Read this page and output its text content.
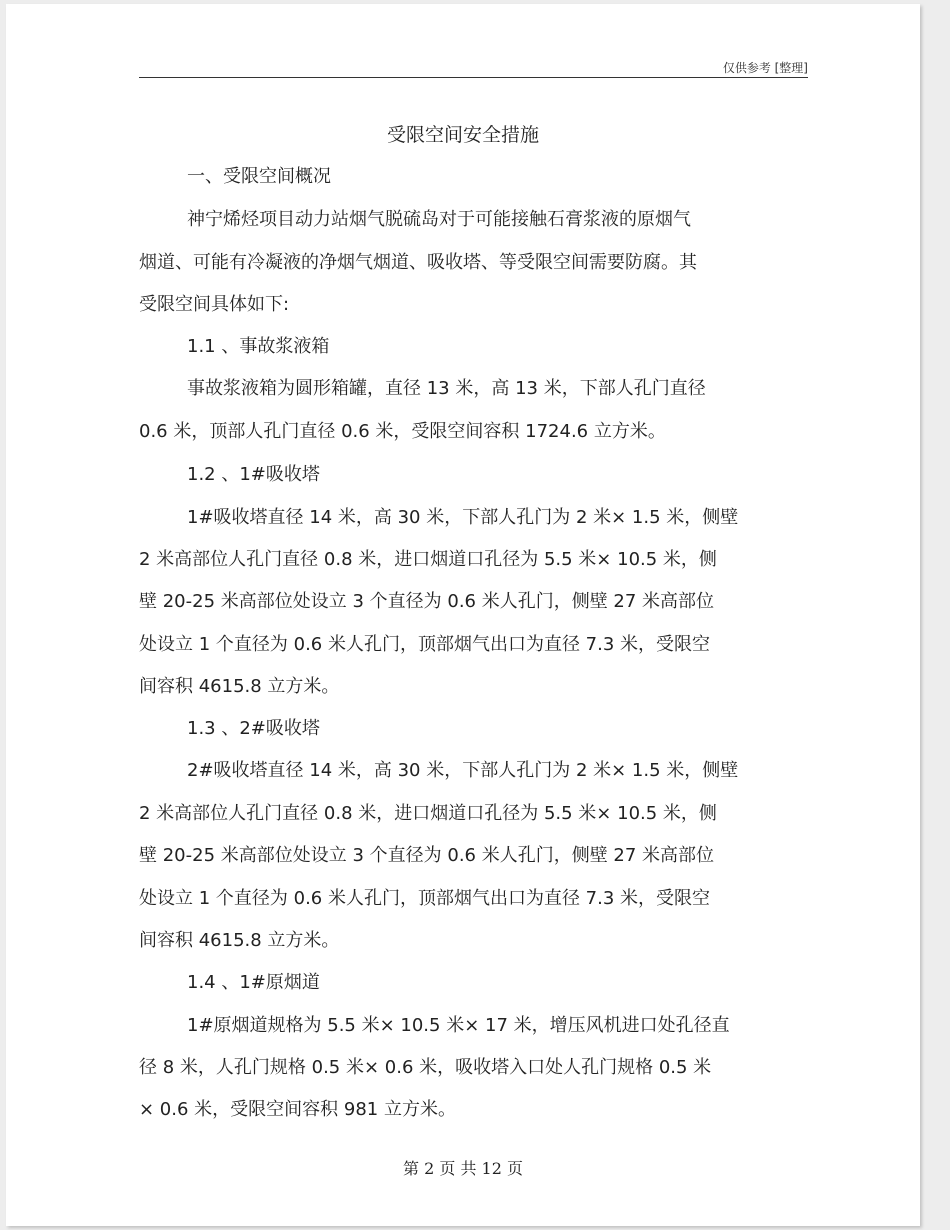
仅供参考 [整理]
受限空间安全措施
一、受限空间概况
神宁烯烃项目动力站烟气脱硫岛对于可能接触石膏浆液的原烟气
烟道、可能有冷凝液的净烟气烟道、吸收塔、等受限空间需要防腐。其
受限空间具体如下:
1.1 、事故浆液箱
事故浆液箱为圆形箱罐，直径 13 米，高 13 米，下部人孔门直径
0.6 米，顶部人孔门直径 0.6 米，受限空间容积 1724.6 立方米。
1.2 、1#吸收塔
1#吸收塔直径 14 米，高 30 米，下部人孔门为 2 米× 1.5 米，侧壁
2 米高部位人孔门直径 0.8 米，进口烟道口孔径为 5.5 米× 10.5 米，侧
壁 20-25 米高部位处设立 3 个直径为 0.6 米人孔门，侧壁 27 米高部位
处设立 1 个直径为 0.6 米人孔门，顶部烟气出口为直径 7.3 米，受限空
间容积 4615.8 立方米。
1.3 、2#吸收塔
2#吸收塔直径 14 米，高 30 米，下部人孔门为 2 米× 1.5 米，侧壁
2 米高部位人孔门直径 0.8 米，进口烟道口孔径为 5.5 米× 10.5 米，侧
壁 20-25 米高部位处设立 3 个直径为 0.6 米人孔门，侧壁 27 米高部位
处设立 1 个直径为 0.6 米人孔门，顶部烟气出口为直径 7.3 米，受限空
间容积 4615.8 立方米。
1.4 、1#原烟道
1#原烟道规格为 5.5 米× 10.5 米× 17 米，增压风机进口处孔径直
径 8 米，人孔门规格 0.5 米× 0.6 米，吸收塔入口处人孔门规格 0.5 米
× 0.6 米，受限空间容积 981 立方米。
第 2 页 共 12 页
